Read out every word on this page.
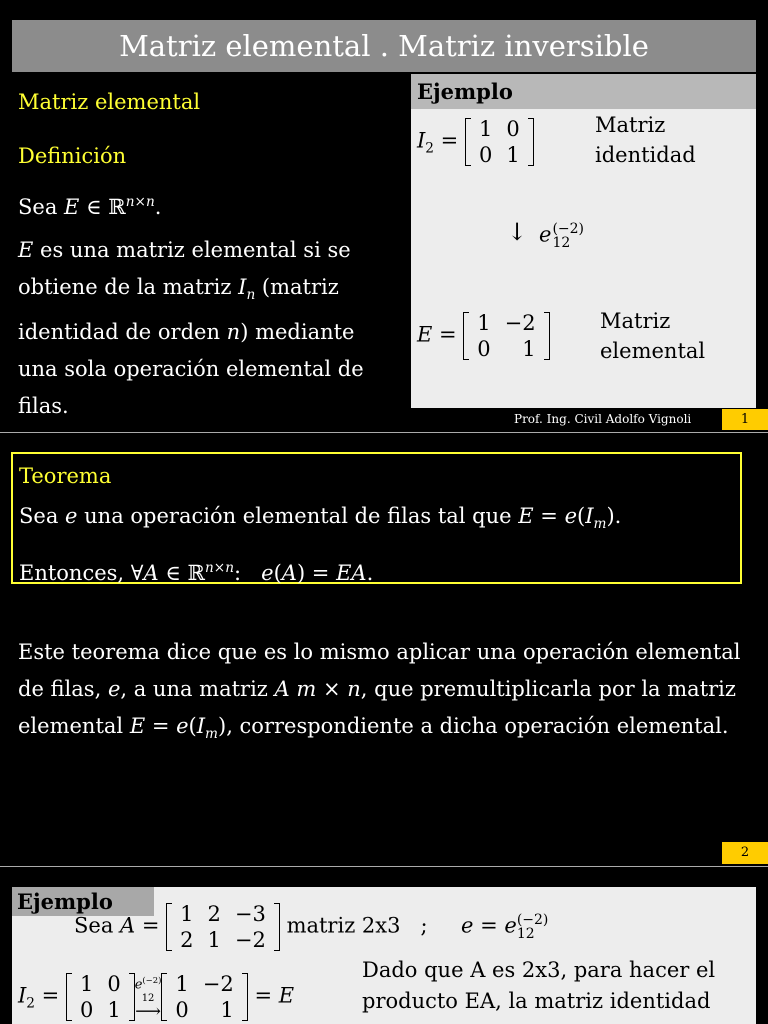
Matriz elemental . Matriz inversible
Matriz elemental
Definición
Sea E ∈ ℝ$^{n\times n}$.
E es una matriz elemental si se obtiene de la matriz $I_n$ (matriz identidad de orden n) mediante una sola operación elemental de filas.
Ejemplo
$I_2 = 1$	0
0	1
Matriz identidad
↓ e (−2)
12
E = 1	−2
0	1
Matriz elemental
Prof. Ing. Civil Adolfo Vignoli	1
Teorema
Sea e una operación elemental de filas tal que $E = e(I_m)$.
Entonces, ∀A ∈ ℝ$^{n\times n}$:   e(A) = EA.
Este teorema dice que es lo mismo aplicar una operación elemental de filas, e, a una matriz A m × n, que premultiplicarla por la matriz elemental $E = e(I_m)$, correspondiente a dicha operación elemental.
2
Ejemplo
Sea A = 1	2	−3
2	1	−2
matriz 2x3 ; e = e (−2)
12
$I_2 = 1$	0
0	1
$e^{(-2)}$
12
⟶
1	−2
0	1
= E
Dado que A es 2x3, para hacer el producto EA, la matriz identidad
